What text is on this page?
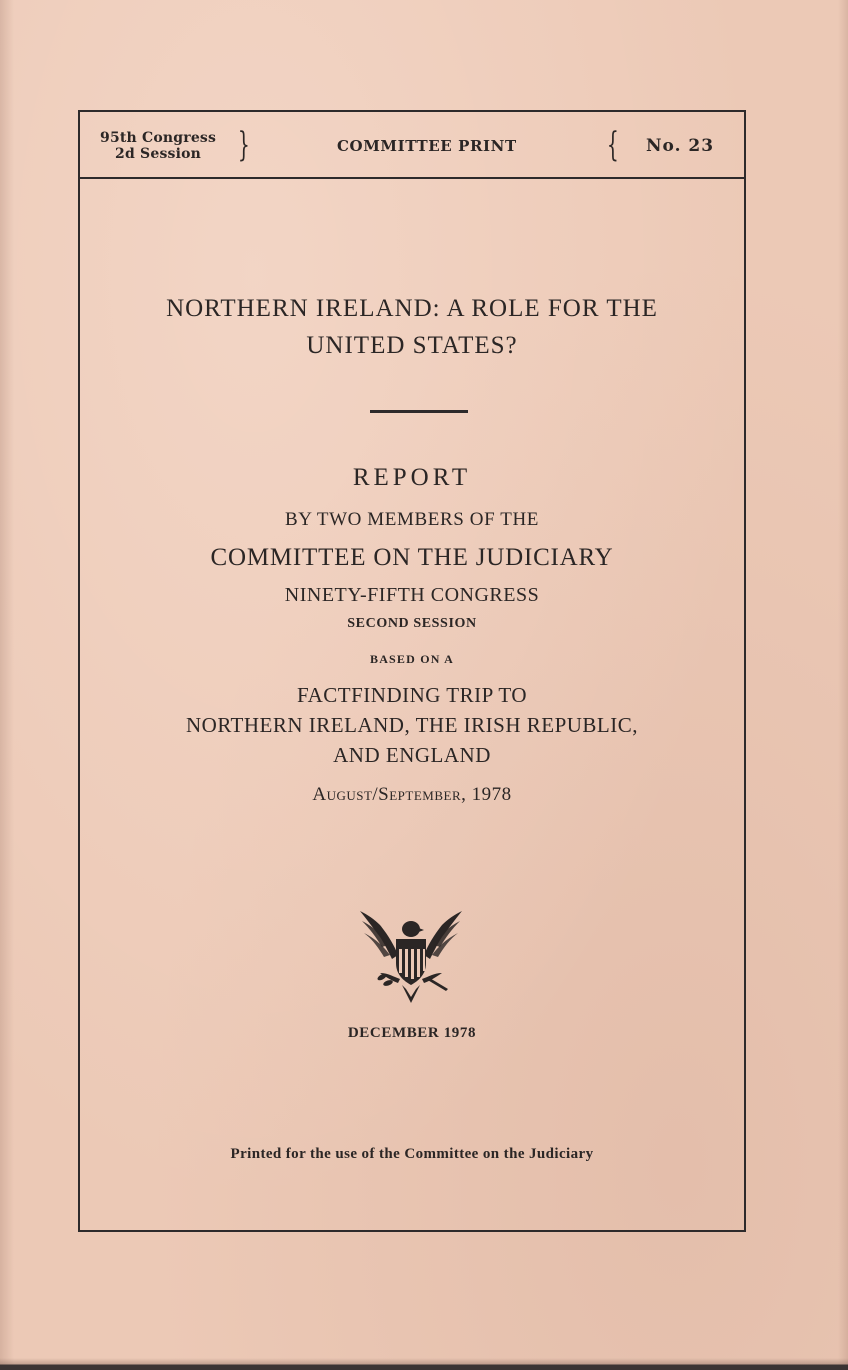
95th Congress
2d Session	}	COMMITTEE PRINT	{ No. 23
NORTHERN IRELAND: A ROLE FOR THE
UNITED STATES?
REPORT
BY TWO MEMBERS OF THE
COMMITTEE ON THE JUDICIARY
NINETY-FIFTH CONGRESS
SECOND SESSION
BASED ON A
FACTFINDING TRIP TO
NORTHERN IRELAND, THE IRISH REPUBLIC,
AND ENGLAND
August/September, 1978
DECEMBER 1978
Printed for the use of the Committee on the Judiciary
